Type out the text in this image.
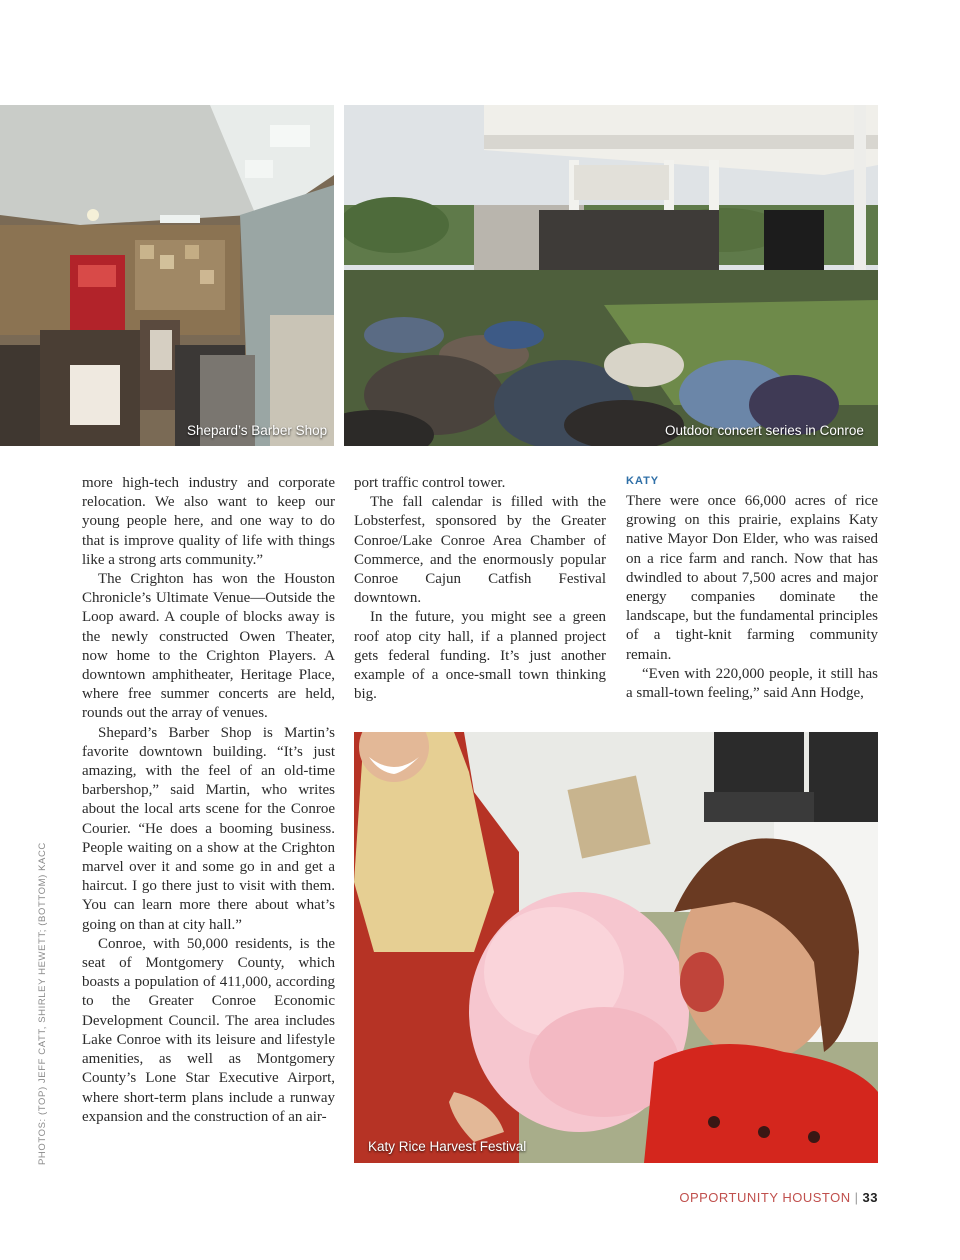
Shepard’s Barber Shop	Outdoor concert series in Conroe

more high-tech industry and corporate relocation. We also want to keep our young people here, and one way to do that is improve quality of life with things like a strong arts community.”

The Crighton has won the Houston Chronicle’s Ultimate Venue—Outside the Loop award. A couple of blocks away is the newly constructed Owen Theater, now home to the Crighton Players. A downtown amphitheater, Heritage Place, where free summer concerts are held, rounds out the array of venues.

Shepard’s Barber Shop is Martin’s favorite downtown building. “It’s just amazing, with the feel of an old-time barbershop,” said Martin, who writes about the local arts scene for the Conroe Courier. “He does a booming business. People waiting on a show at the Crighton marvel over it and some go in and get a haircut. I go there just to visit with them. You can learn more there about what’s going on than at city hall.”

Conroe, with 50,000 residents, is the seat of Montgomery County, which boasts a population of 411,000, according to the Greater Conroe Economic Development Council. The area includes Lake Conroe with its leisure and lifestyle amenities, as well as Montgomery County’s Lone Star Executive Airport, where short-term plans include a runway expansion and the construction of an air-

port traffic control tower.

The fall calendar is filled with the Lobsterfest, sponsored by the Greater Conroe/Lake Conroe Area Chamber of Commerce, and the enormously popular Conroe Cajun Catfish Festival downtown.

In the future, you might see a green roof atop city hall, if a planned project gets federal funding. It’s just another example of a once-small town thinking big.

KATY

There were once 66,000 acres of rice growing on this prairie, explains Katy native Mayor Don Elder, who was raised on a rice farm and ranch. Now that has dwindled to about 7,500 acres and major energy companies dominate the landscape, but the fundamental principles of a tight-knit farming community remain.

“Even with 220,000 people, it still has a small-town feeling,” said Ann Hodge,

Katy Rice Harvest Festival
PHOTOS: (TOP) JEFF CATT, SHIRLEY HEWETT; (BOTTOM) KACC
OPPORTUNITY HOUSTON | 33
